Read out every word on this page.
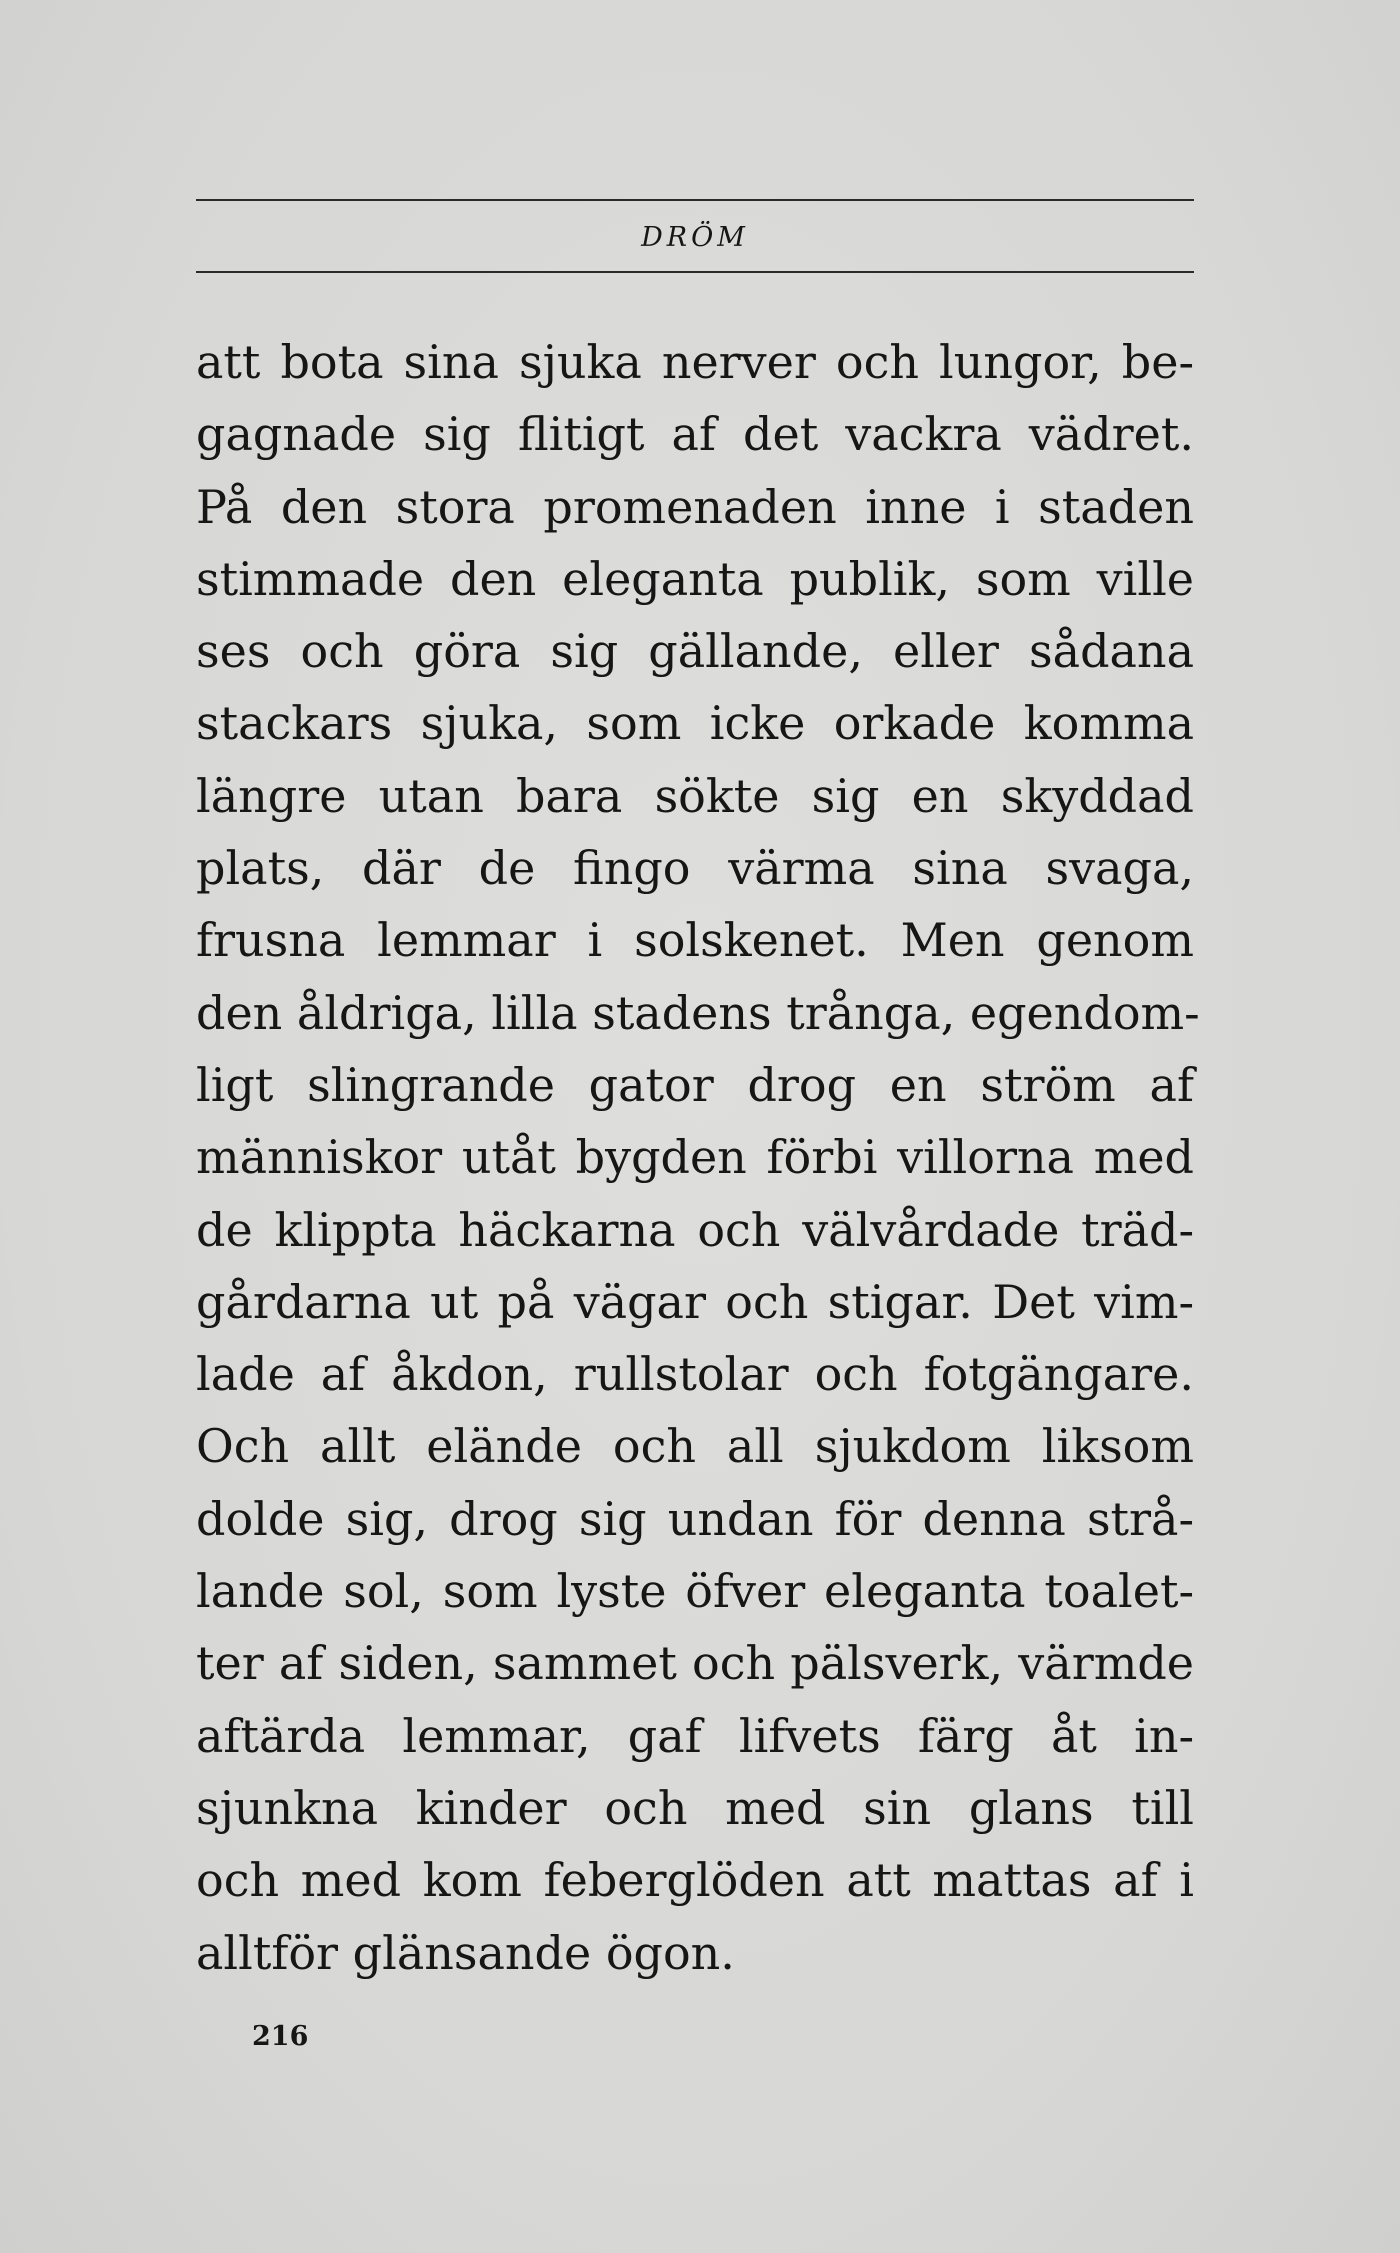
DRÖM
att bota sina sjuka nerver och lungor, be-
gagnade sig flitigt af det vackra vädret.
På den stora promenaden inne i staden
stimmade den eleganta publik, som ville
ses och göra sig gällande, eller sådana
stackars sjuka, som icke orkade komma
längre utan bara sökte sig en skyddad
plats, där de fingo värma sina svaga,
frusna lemmar i solskenet. Men genom
den åldriga, lilla stadens trånga, egendom-
ligt slingrande gator drog en ström af
människor utåt bygden förbi villorna med
de klippta häckarna och välvårdade träd-
gårdarna ut på vägar och stigar. Det vim-
lade af åkdon, rullstolar och fotgängare.
Och allt elände och all sjukdom liksom
dolde sig, drog sig undan för denna strå-
lande sol, som lyste öfver eleganta toalet-
ter af siden, sammet och pälsverk, värmde
aftärda lemmar, gaf lifvets färg åt in-
sjunkna kinder och med sin glans till
och med kom feberglöden att mattas af i
alltför glänsande ögon.
216
